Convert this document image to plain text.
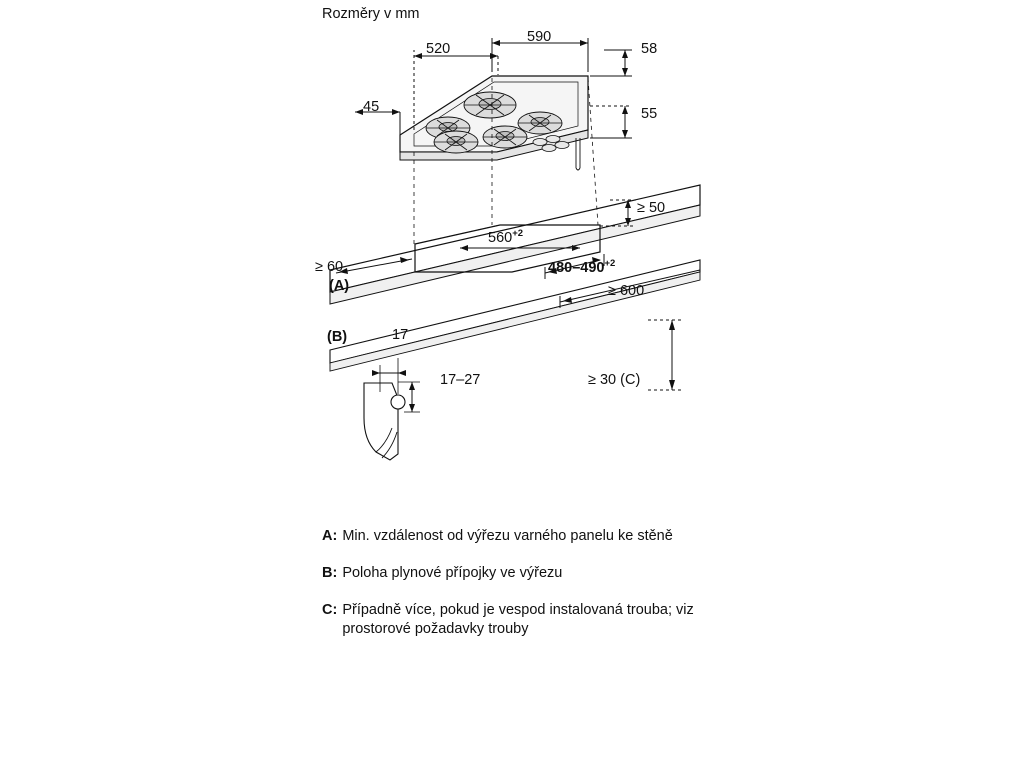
Rozměry v mm
520
590
58
45	55
≥ 50
$560^{+2}$
$480-490^{+2}$
≥ 60
(A)	≥ 600
(B)	17
17–27	≥ 30 (C)
A: Min. vzdálenost od výřezu varného panelu ke stěně
B: Poloha plynové přípojky ve výřezu
C: Případně více, pokud je vespod instalovaná trouba; viz prostorové požadavky trouby
